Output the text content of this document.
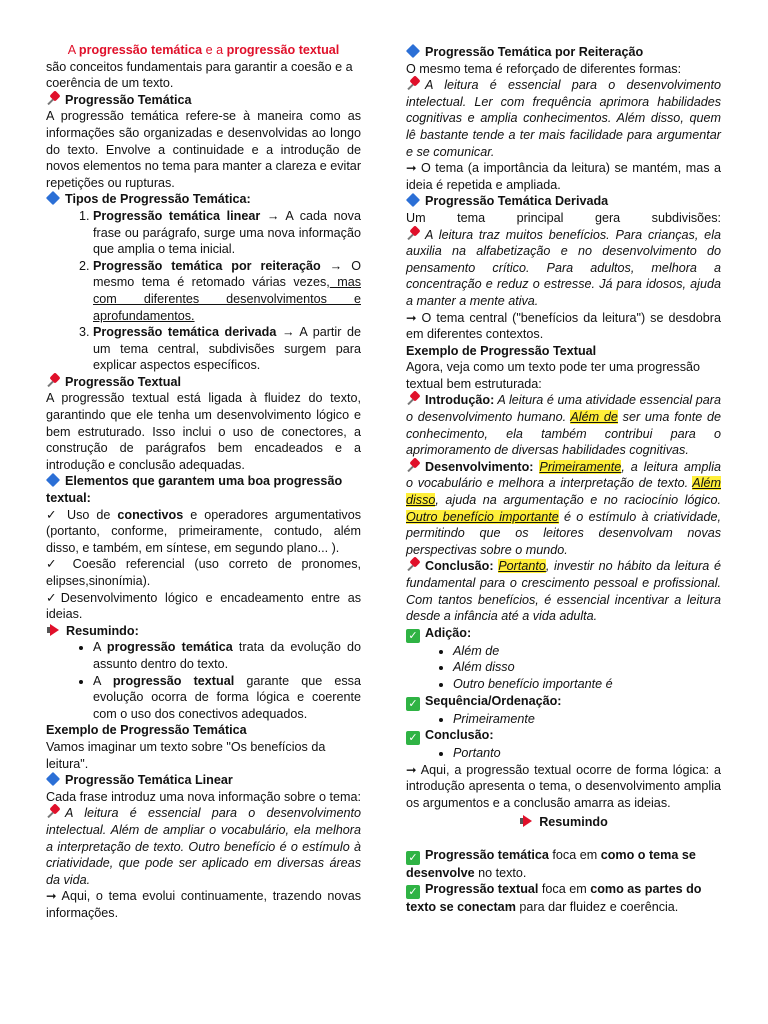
A progressão temática e a progressão textual

são conceitos fundamentais para garantir a coesão e a coerência de um texto.

Progressão Temática

A progressão temática refere-se à maneira como as informações são organizadas e desenvolvidas ao longo do texto. Envolve a continuidade e a introdução de novos elementos no tema para manter a clareza e evitar repetições ou rupturas.

Tipos de Progressão Temática:

1. Progressão temática linear → A cada nova frase ou parágrafo, surge uma nova informação que amplia o tema inicial.
2. Progressão temática por reiteração → O mesmo tema é retomado várias vezes, mas com diferentes desenvolvimentos e aprofundamentos.
3. Progressão temática derivada → A partir de um tema central, subdivisões surgem para explicar aspectos específicos.

Progressão Textual

A progressão textual está ligada à fluidez do texto, garantindo que ele tenha um desenvolvimento lógico e bem estruturado. Isso inclui o uso de conectores, a construção de parágrafos bem encadeados e a introdução e conclusão adequadas.

Elementos que garantem uma boa progressão textual:

✓ Uso de conectivos e operadores argumentativos (portanto, conforme, primeiramente, contudo, além disso, e também, em síntese, em segundo plano... ).

✓ Coesão referencial (uso correto de pronomes, elipses,sinonímia).

✓Desenvolvimento lógico e encadeamento entre as ideias.

Resumindo:

• A progressão temática trata da evolução do assunto dentro do texto.
• A progressão textual garante que essa evolução ocorra de forma lógica e coerente com o uso dos conectivos adequados.

Exemplo de Progressão Temática

Vamos imaginar um texto sobre "Os benefícios da leitura".

Progressão Temática Linear

Cada frase introduz uma nova informação sobre o tema:

A leitura é essencial para o desenvolvimento intelectual. Além de ampliar o vocabulário, ela melhora a interpretação de texto. Outro benefício é o estímulo à criatividade, que pode ser aplicado em diversas áreas da vida.

➞ Aqui, o tema evolui continuamente, trazendo novas informações.

Progressão Temática por Reiteração

O mesmo tema é reforçado de diferentes formas:

A leitura é essencial para o desenvolvimento intelectual. Ler com frequência aprimora habilidades cognitivas e amplia conhecimentos. Além disso, quem lê bastante tende a ter mais facilidade para argumentar e se comunicar.

➞ O tema (a importância da leitura) se mantém, mas a ideia é repetida e ampliada.

Progressão Temática Derivada

Um tema principal gera subdivisões:

A leitura traz muitos benefícios. Para crianças, ela auxilia na alfabetização e no desenvolvimento do pensamento crítico. Para adultos, melhora a concentração e reduz o estresse. Já para idosos, ajuda a manter a mente ativa.

➞ O tema central ("benefícios da leitura") se desdobra em diferentes contextos.

Exemplo de Progressão Textual

Agora, veja como um texto pode ter uma progressão textual bem estruturada:

Introdução: A leitura é uma atividade essencial para o desenvolvimento humano. Além de ser uma fonte de conhecimento, ela também contribui para o aprimoramento de diversas habilidades cognitivas.

Desenvolvimento: Primeiramente, a leitura amplia o vocabulário e melhora a interpretação de texto. Além disso, ajuda na argumentação e no raciocínio lógico. Outro benefício importante é o estímulo à criatividade, permitindo que os leitores desenvolvam novas perspectivas sobre o mundo.

Conclusão: Portanto, investir no hábito da leitura é fundamental para o crescimento pessoal e profissional. Com tantos benefícios, é essencial incentivar a leitura desde a infância até a vida adulta.

✓ Adição:

• Além de
• Além disso
• Outro benefício importante é

✓ Sequência/Ordenação:

• Primeiramente

✓ Conclusão:

• Portanto

➞ Aqui, a progressão textual ocorre de forma lógica: a introdução apresenta o tema, o desenvolvimento amplia os argumentos e a conclusão amarra as ideias.

Resumindo

✓ Progressão temática foca em como o tema se desenvolve no texto.

✓ Progressão textual foca em como as partes do texto se conectam para dar fluidez e coerência.
